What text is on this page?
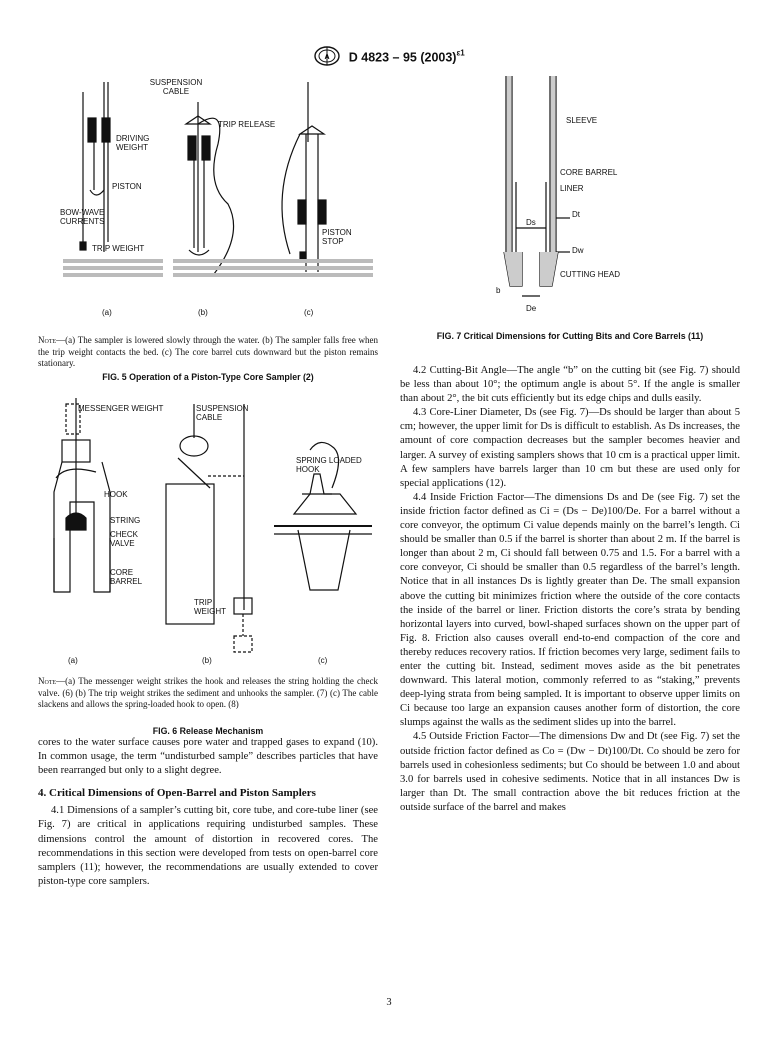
A D 4823 – 95 $(2003)^{\varepsilon 1}$
SUSPENSION CABLE
TRIP RELEASE
DRIVING WEIGHT
PISTON
BOW-WAVE CURRENTS
TRIP WEIGHT
PISTON STOP
(a)	(b)	(c)
Note—(a) The sampler is lowered slowly through the water. (b) The sampler falls free when the trip weight contacts the bed. (c) The core barrel cuts downward but the piston remains stationary.
FIG. 5 Operation of a Piston-Type Core Sampler (2)
MESSENGER WEIGHT	SUSPENSION CABLE
SPRING LOADED HOOK
HOOK
STRING
CHECK VALVE
CORE BARREL
TRIP WEIGHT
(a)	(b)	(c)
Note—(a) The messenger weight strikes the hook and releases the string holding the check valve. (6) (b) The trip weight strikes the sediment and unhooks the sampler. (7) (c) The cable slackens and allows the spring-loaded hook to open. (8)
FIG. 6 Release Mechanism

cores to the water surface causes pore water and trapped gases to expand (10). In common usage, the term “undisturbed sample” describes particles that have been rearranged but only to a slight degree.

4. Critical Dimensions of Open-Barrel and Piston Samplers

4.1 Dimensions of a sampler’s cutting bit, core tube, and core-tube liner (see Fig. 7) are critical in applications requiring undisturbed samples. These dimensions control the amount of distortion in recovered cores. The recommendations in this section were developed from tests on open-barrel core samplers (11); however, the recommendations are usually extended to cover piston-type core samplers.

SLEEVE
CORE BARREL
LINER
Dt
Ds
Dw
CUTTING HEAD
b
De
FIG. 7 Critical Dimensions for Cutting Bits and Core Barrels (11)

4.2 Cutting-Bit Angle—The angle “b” on the cutting bit (see Fig. 7) should be less than about 10°; the optimum angle is about 5°. If the angle is smaller than about 2°, the bit cuts efficiently but its edge chips and dulls easily.

4.3 Core-Liner Diameter, Ds (see Fig. 7)—Ds should be larger than about 5 cm; however, the upper limit for Ds is difficult to establish. As Ds increases, the amount of core compaction decreases but the sampler becomes heavier and larger. A survey of existing samplers shows that 10 cm is a practical upper limit. A few samplers have barrels larger than 10 cm but these are used only for special applications (12).

4.4 Inside Friction Factor—The dimensions Ds and De (see Fig. 7) set the inside friction factor defined as Ci = (Ds − De)100/De. For a barrel without a core conveyor, the optimum Ci value depends mainly on the barrel’s length. Ci should be smaller than 0.5 if the barrel is shorter than about 2 m. If the barrel is longer than about 2 m, Ci should fall between 0.75 and 1.5. For a barrel with a core conveyor, Ci should be smaller than 0.5 regardless of the barrel’s length. Notice that in all instances Ds is lightly greater than De. The small expansion above the cutting bit minimizes friction where the outside of the core contacts the inside of the barrel or liner. Friction distorts the core’s strata by bending horizontal layers into curved, bowl-shaped surfaces shown on the upper part of Fig. 8. Friction also causes overall end-to-end compaction of the core and thereby reduces recovery ratios. If friction becomes very large, sediment fails to enter the cutting bit. Instead, sediment moves aside as the bit penetrates downward. This lateral motion, commonly referred to as “staking,” prevents deep-lying strata from being sampled. It is important to observe upper limits on Ci because too large an expansion causes another form of distortion, the core slumps against the walls as the sediment slides up into the barrel.

4.5 Outside Friction Factor—The dimensions Dw and Dt (see Fig. 7) set the outside friction factor defined as Co = (Dw − Dt)100/Dt. Co should be zero for barrels used in cohesionless sediments; but Co should be between 1.0 and about 3.0 for barrels used in cohesive sediments. Notice that in all instances Dw is larger than Dt. The small contraction above the bit reduces friction at the outside surface of the barrel and makes

3
